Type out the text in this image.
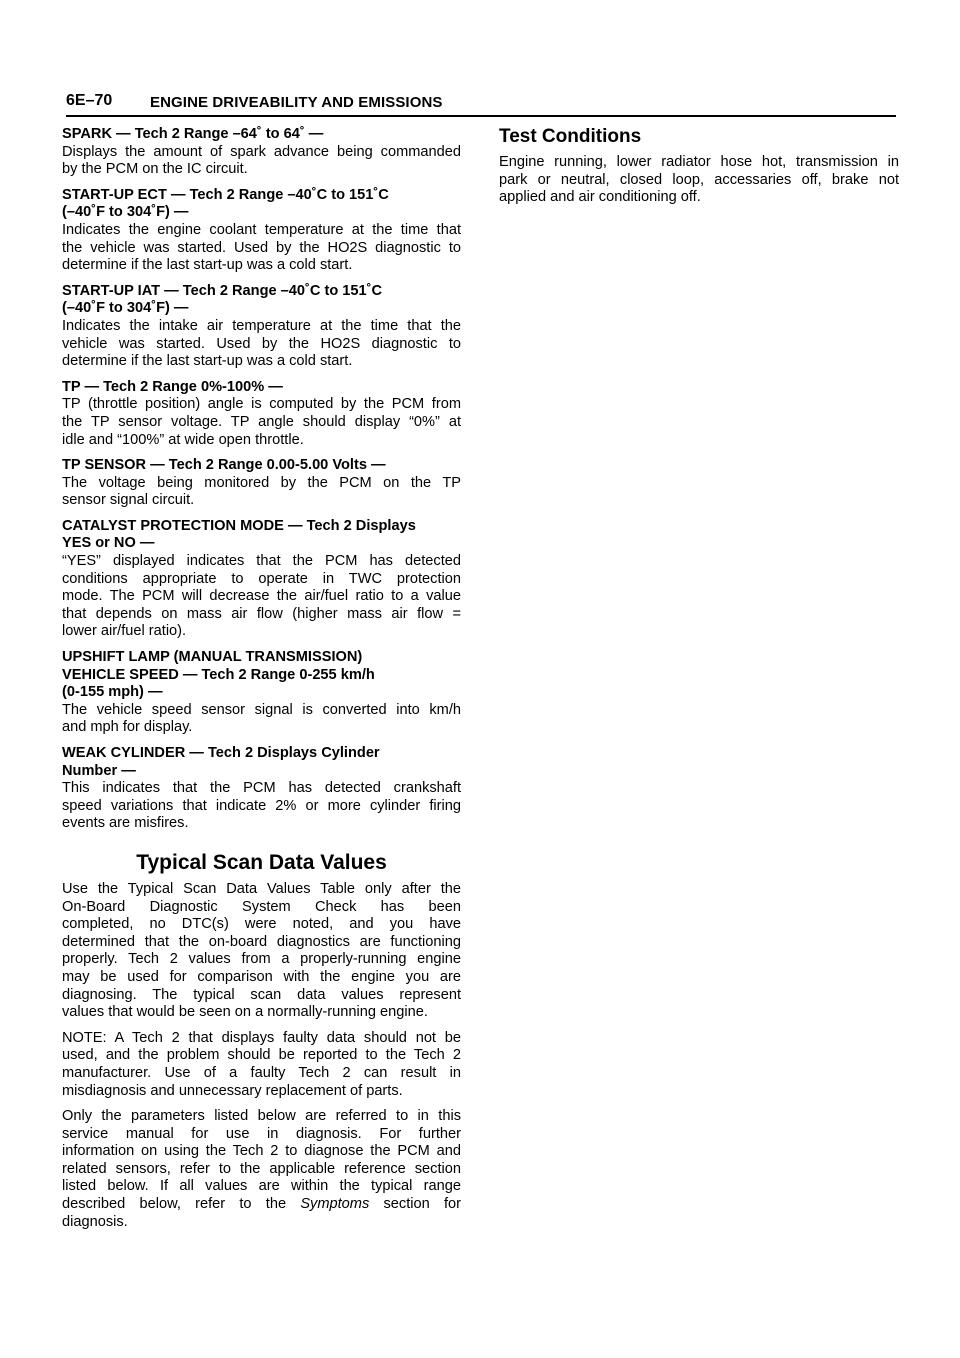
6E–70	ENGINE DRIVEABILITY AND EMISSIONS
SPARK — Tech 2 Range –64˚ to 64˚ —
Displays the amount of spark advance being commanded
by the PCM on the IC circuit.
START-UP ECT — Tech 2 Range –40˚C to 151˚C
(–40˚F to 304˚F) —
Indicates the engine coolant temperature at the time that
the vehicle was started. Used by the HO2S diagnostic to
determine if the last start-up was a cold start.
START-UP IAT — Tech 2 Range –40˚C to 151˚C
(–40˚F to 304˚F) —
Indicates the intake air temperature at the time that the
vehicle was started. Used by the HO2S diagnostic to
determine if the last start-up was a cold start.
TP — Tech 2 Range 0%-100% —
TP (throttle position) angle is computed by the PCM from
the TP sensor voltage. TP angle should display “0%” at
idle and “100%” at wide open throttle.
TP SENSOR — Tech 2 Range 0.00-5.00 Volts —
The voltage being monitored by the PCM on the TP
sensor signal circuit.
CATALYST PROTECTION MODE — Tech 2 Displays
YES or NO —
“YES” displayed indicates that the PCM has detected
conditions appropriate to operate in TWC protection
mode. The PCM will decrease the air/fuel ratio to a value
that depends on mass air flow (higher mass air flow =
lower air/fuel ratio).
UPSHIFT LAMP (MANUAL TRANSMISSION)
VEHICLE SPEED — Tech 2 Range 0-255 km/h
(0-155 mph) —
The vehicle speed sensor signal is converted into km/h
and mph for display.
WEAK CYLINDER — Tech 2 Displays Cylinder
Number —
This indicates that the PCM has detected crankshaft
speed variations that indicate 2% or more cylinder firing
events are misfires.
Typical Scan Data Values
Use the Typical Scan Data Values Table only after the
On-Board Diagnostic System Check has been
completed, no DTC(s) were noted, and you have
determined that the on-board diagnostics are functioning
properly. Tech 2 values from a properly-running engine
may be used for comparison with the engine you are
diagnosing. The typical scan data values represent
values that would be seen on a normally-running engine.
NOTE: A Tech 2 that displays faulty data should not be
used, and the problem should be reported to the Tech 2
manufacturer. Use of a faulty Tech 2 can result in
misdiagnosis and unnecessary replacement of parts.
Only the parameters listed below are referred to in this
service manual for use in diagnosis. For further
information on using the Tech 2 to diagnose the PCM and
related sensors, refer to the applicable reference section
listed below. If all values are within the typical range
described below, refer to the Symptoms section for
diagnosis.
Test Conditions
Engine running, lower radiator hose hot, transmission in
park or neutral, closed loop, accessaries off, brake not
applied and air conditioning off.
